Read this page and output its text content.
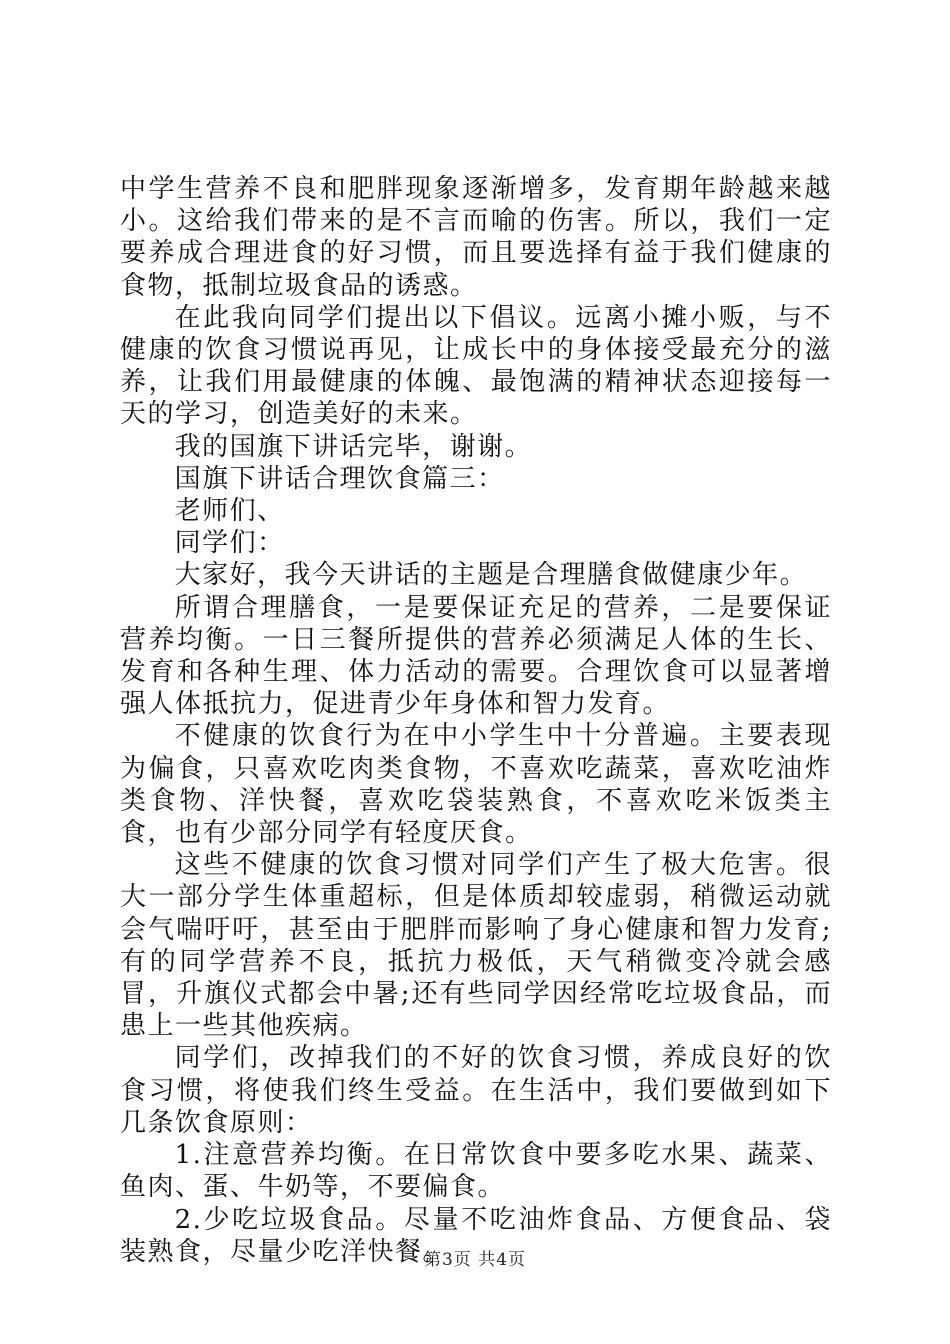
中学生营养不良和肥胖现象逐渐增多，发育期年龄越来越小。这给我们带来的是不言而喻的伤害。所以，我们一定要养成合理进食的好习惯，而且要选择有益于我们健康的食物，抵制垃圾食品的诱惑。

在此我向同学们提出以下倡议。远离小摊小贩，与不健康的饮食习惯说再见，让成长中的身体接受最充分的滋养，让我们用最健康的体魄、最饱满的精神状态迎接每一天的学习，创造美好的未来。

我的国旗下讲话完毕，谢谢。

国旗下讲话合理饮食篇三：

老师们、

同学们：

大家好，我今天讲话的主题是合理膳食做健康少年。

所谓合理膳食，一是要保证充足的营养，二是要保证营养均衡。一日三餐所提供的营养必须满足人体的生长、发育和各种生理、体力活动的需要。合理饮食可以显著增强人体抵抗力，促进青少年身体和智力发育。

不健康的饮食行为在中小学生中十分普遍。主要表现为偏食，只喜欢吃肉类食物，不喜欢吃蔬菜，喜欢吃油炸类食物、洋快餐，喜欢吃袋装熟食，不喜欢吃米饭类主食，也有少部分同学有轻度厌食。

这些不健康的饮食习惯对同学们产生了极大危害。很大一部分学生体重超标，但是体质却较虚弱，稍微运动就会气喘吁吁，甚至由于肥胖而影响了身心健康和智力发育;有的同学营养不良，抵抗力极低，天气稍微变冷就会感冒，升旗仪式都会中暑;还有些同学因经常吃垃圾食品，而患上一些其他疾病。

同学们，改掉我们的不好的饮食习惯，养成良好的饮食习惯，将使我们终生受益。在生活中，我们要做到如下几条饮食原则：

1.注意营养均衡。在日常饮食中要多吃水果、蔬菜、鱼肉、蛋、牛奶等，不要偏食。

2.少吃垃圾食品。尽量不吃油炸食品、方便食品、袋装熟食，尽量少吃洋快餐。

第3页 共4页
